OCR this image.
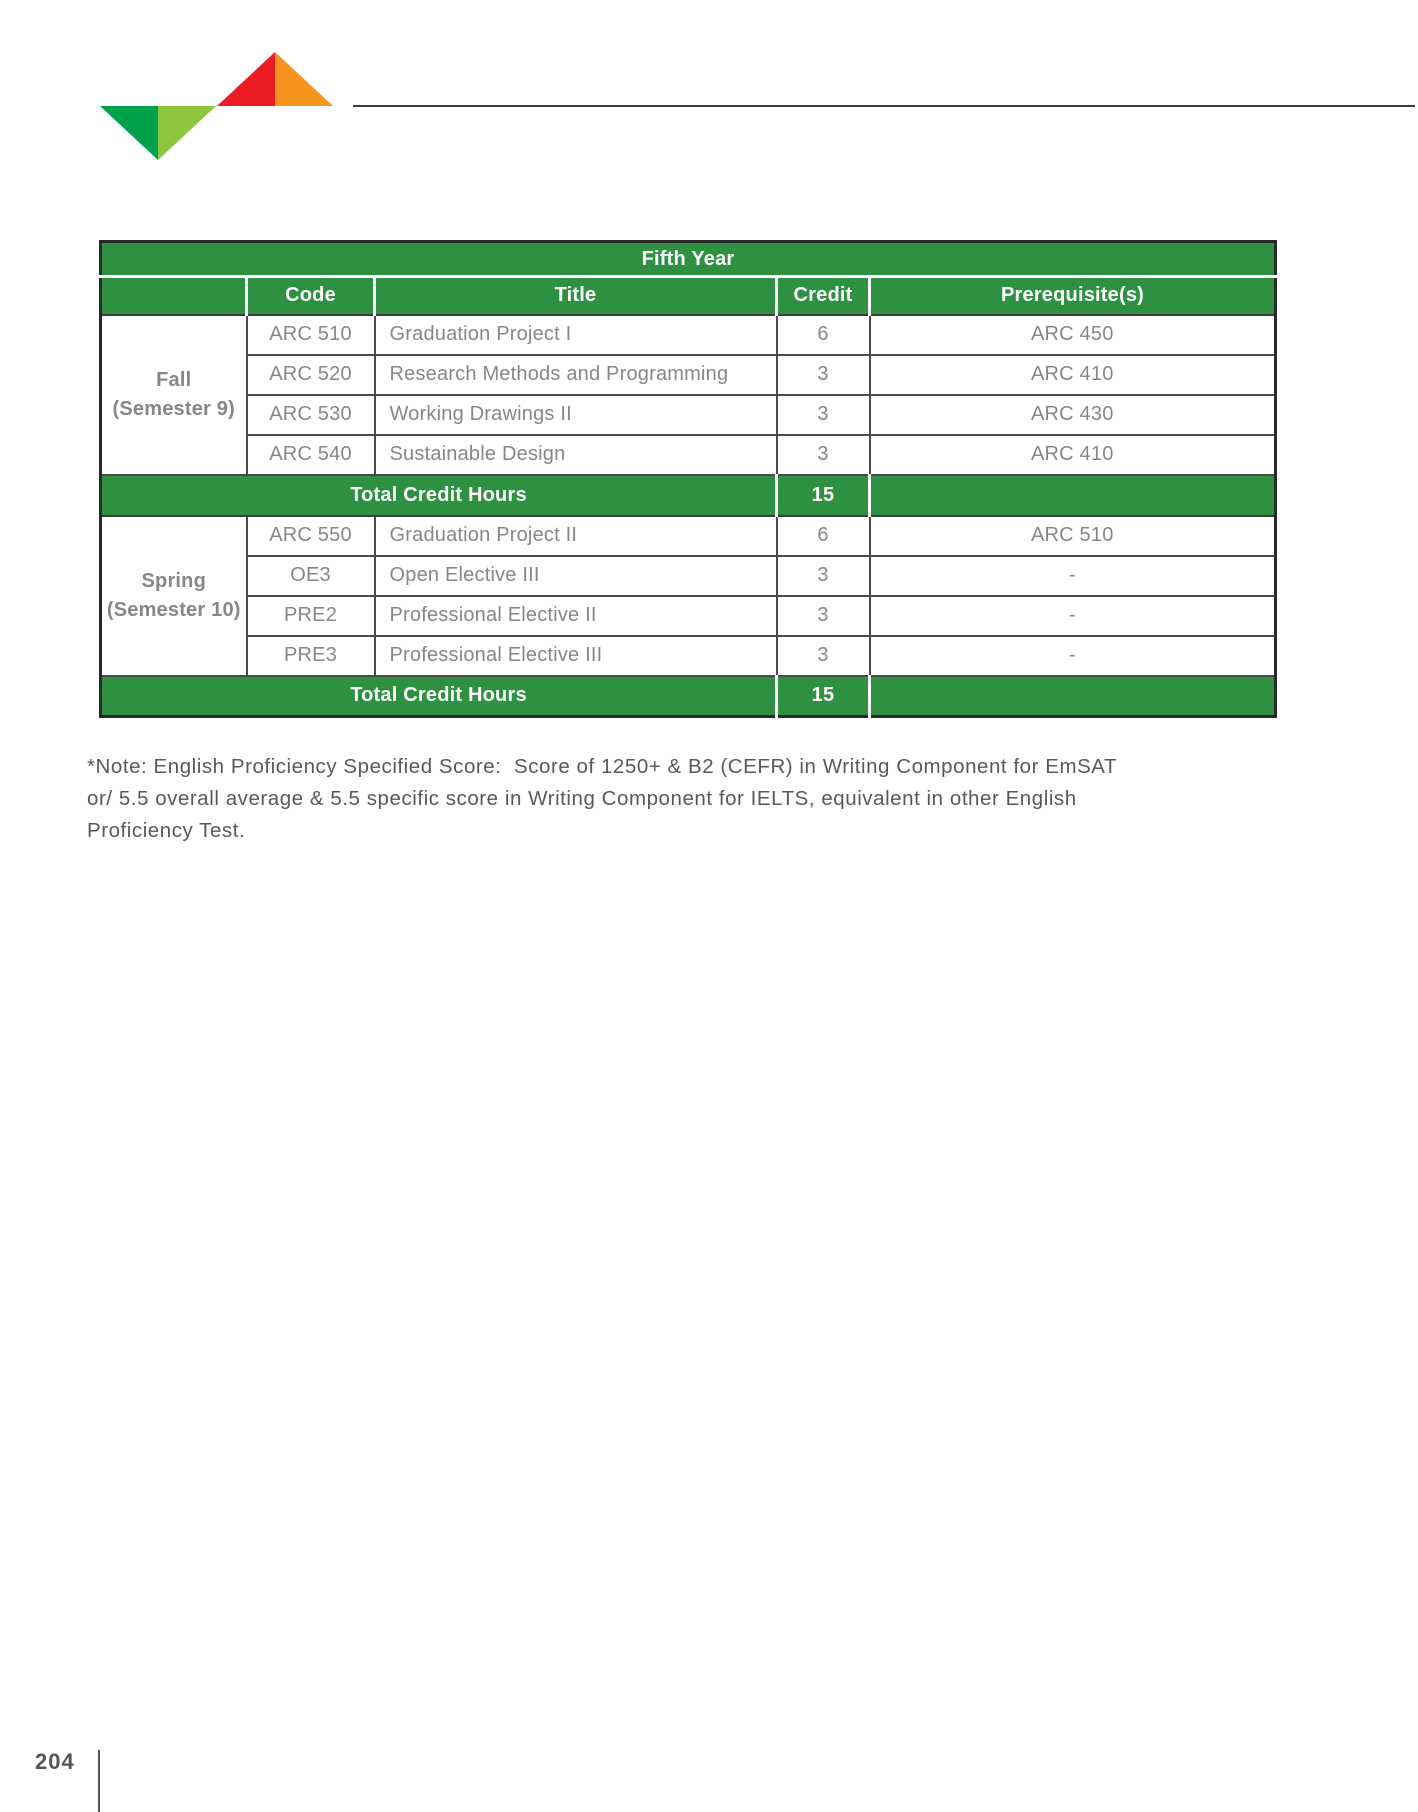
Fifth Year				
	Code	Title	Credit	Prerequisite(s)
Fall
(Semester 9)	ARC 510	Graduation Project I	6	ARC 450
	ARC 520	Research Methods and Programming	3	ARC 410
	ARC 530	Working Drawings II	3	ARC 430
	ARC 540	Sustainable Design	3	ARC 410
Total Credit Hours			15	
Spring
(Semester 10)	ARC 550	Graduation Project II	6	ARC 510
	OE3	Open Elective III	3	-
	PRE2	Professional Elective II	3	-
	PRE3	Professional Elective III	3	-
Total Credit Hours			15	
*Note: English Proficiency Specified Score:  Score of 1250+ & B2 (CEFR) in Writing Component for EmSAT
or/ 5.5 overall average & 5.5 specific score in Writing Component for IELTS, equivalent in other English
Proficiency Test.
204
